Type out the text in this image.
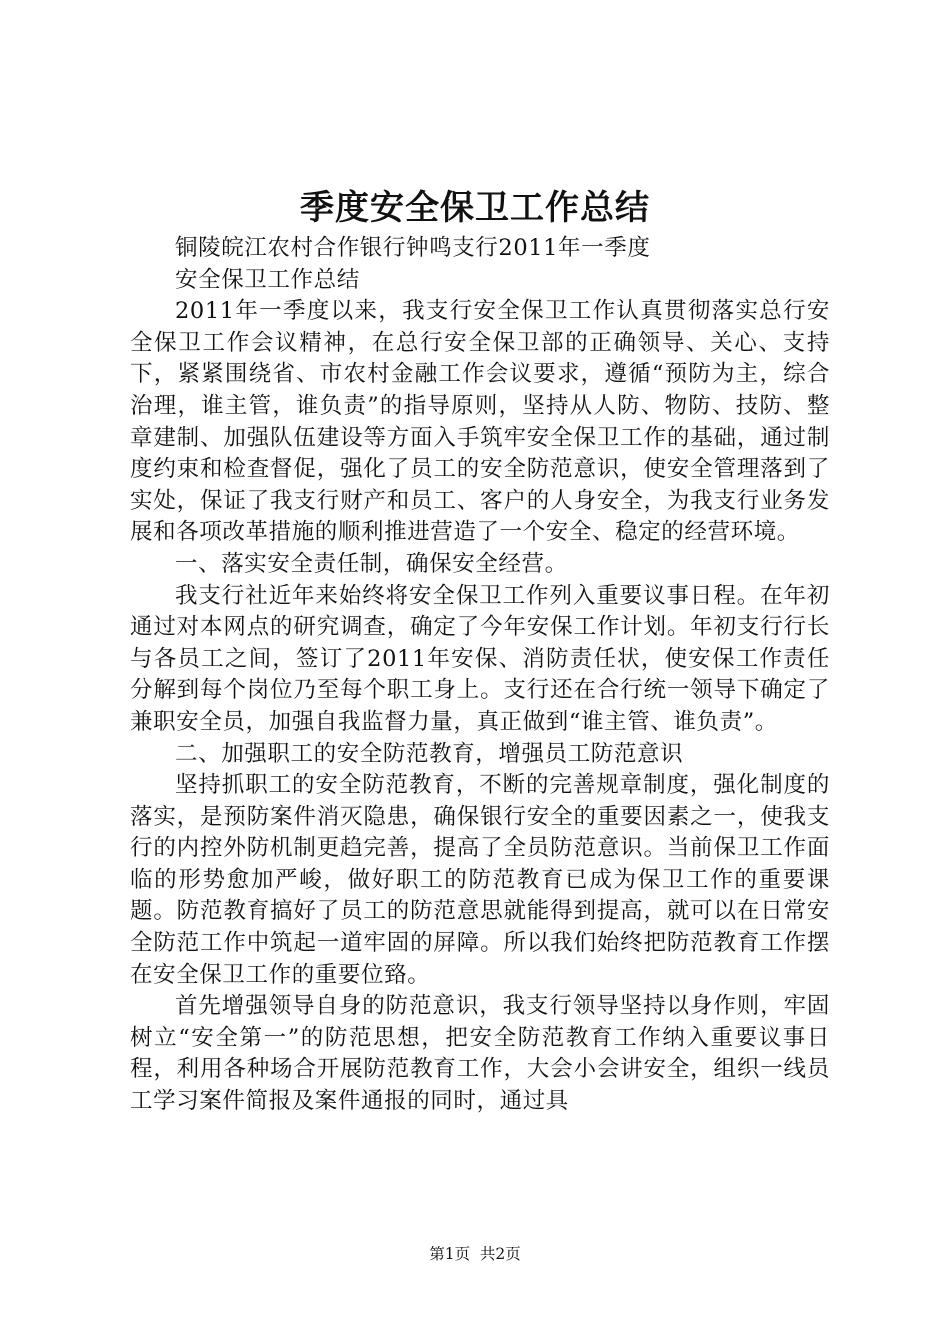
季度安全保卫工作总结

铜陵皖江农村合作银行钟鸣支行2011年一季度

安全保卫工作总结

2011年一季度以来，我支行安全保卫工作认真贯彻落实总行安全保卫工作会议精神，在总行安全保卫部的正确领导、关心、支持下，紧紧围绕省、市农村金融工作会议要求，遵循“预防为主，综合治理，谁主管，谁负责”的指导原则，坚持从人防、物防、技防、整章建制、加强队伍建设等方面入手筑牢安全保卫工作的基础，通过制度约束和检查督促，强化了员工的安全防范意识，使安全管理落到了实处，保证了我支行财产和员工、客户的人身安全，为我支行业务发展和各项改革措施的顺利推进营造了一个安全、稳定的经营环境。

一、落实安全责任制，确保安全经营。

我支行社近年来始终将安全保卫工作列入重要议事日程。在年初通过对本网点的研究调查，确定了今年安保工作计划。年初支行行长与各员工之间，签订了2011年安保、消防责任状，使安保工作责任分解到每个岗位乃至每个职工身上。支行还在合行统一领导下确定了兼职安全员，加强自我监督力量，真正做到“谁主管、谁负责”。

二、加强职工的安全防范教育，增强员工防范意识

坚持抓职工的安全防范教育，不断的完善规章制度，强化制度的落实，是预防案件消灭隐患，确保银行安全的重要因素之一，使我支行的内控外防机制更趋完善，提高了全员防范意识。当前保卫工作面临的形势愈加严峻，做好职工的防范教育已成为保卫工作的重要课题。防范教育搞好了员工的防范意思就能得到提高，就可以在日常安全防范工作中筑起一道牢固的屏障。所以我们始终把防范教育工作摆在安全保卫工作的重要位臵。

首先增强领导自身的防范意识，我支行领导坚持以身作则，牢固树立“安全第一”的防范思想，把安全防范教育工作纳入重要议事日程，利用各种场合开展防范教育工作，大会小会讲安全，组织一线员工学习案件简报及案件通报的同时，通过具

第1页  共2页
